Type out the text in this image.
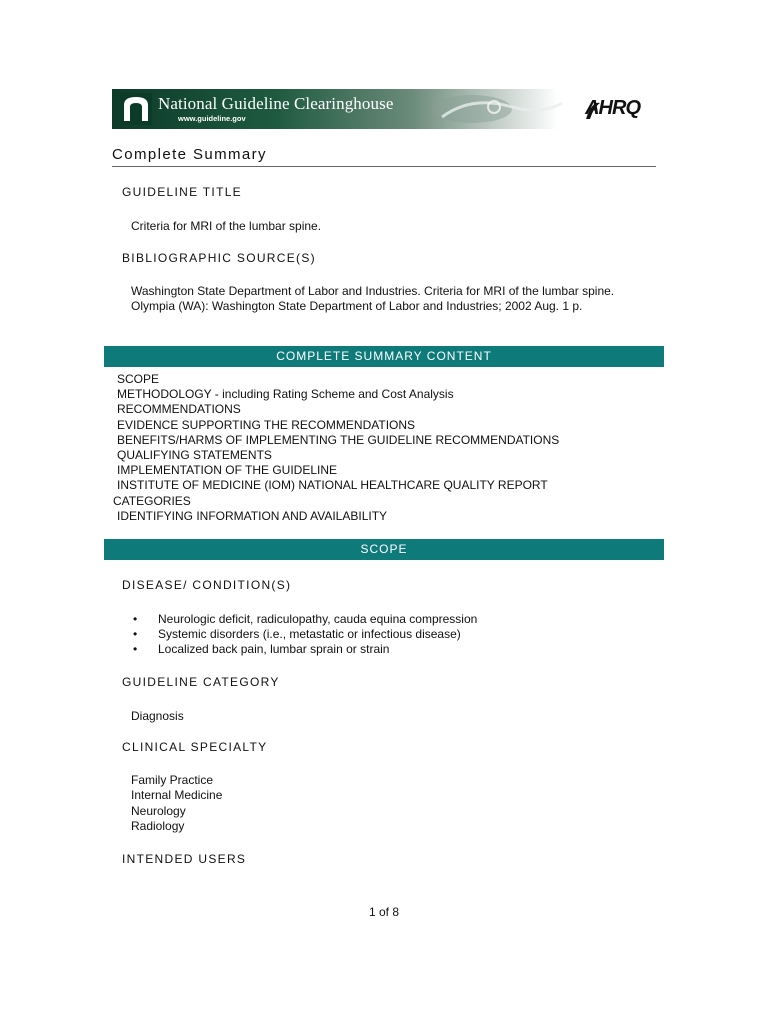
National Guideline Clearinghouse
www.guideline.gov	AHRQ
Complete Summary
GUIDELINE TITLE
Criteria for MRI of the lumbar spine.
BIBLIOGRAPHIC SOURCE(S)
Washington State Department of Labor and Industries. Criteria for MRI of the lumbar spine. Olympia (WA): Washington State Department of Labor and Industries; 2002 Aug. 1 p.
COMPLETE SUMMARY CONTENT
SCOPE
METHODOLOGY - including Rating Scheme and Cost Analysis
RECOMMENDATIONS
EVIDENCE SUPPORTING THE RECOMMENDATIONS
BENEFITS/HARMS OF IMPLEMENTING THE GUIDELINE RECOMMENDATIONS
QUALIFYING STATEMENTS
IMPLEMENTATION OF THE GUIDELINE
INSTITUTE OF MEDICINE (IOM) NATIONAL HEALTHCARE QUALITY REPORT
CATEGORIES
IDENTIFYING INFORMATION AND AVAILABILITY
SCOPE
DISEASE/ CONDITION(S)
• Neurologic deficit, radiculopathy, cauda equina compression
• Systemic disorders (i.e., metastatic or infectious disease)
• Localized back pain, lumbar sprain or strain
GUIDELINE CATEGORY
Diagnosis
CLINICAL SPECIALTY
Family Practice
Internal Medicine
Neurology
Radiology
INTENDED USERS
1 of 8
